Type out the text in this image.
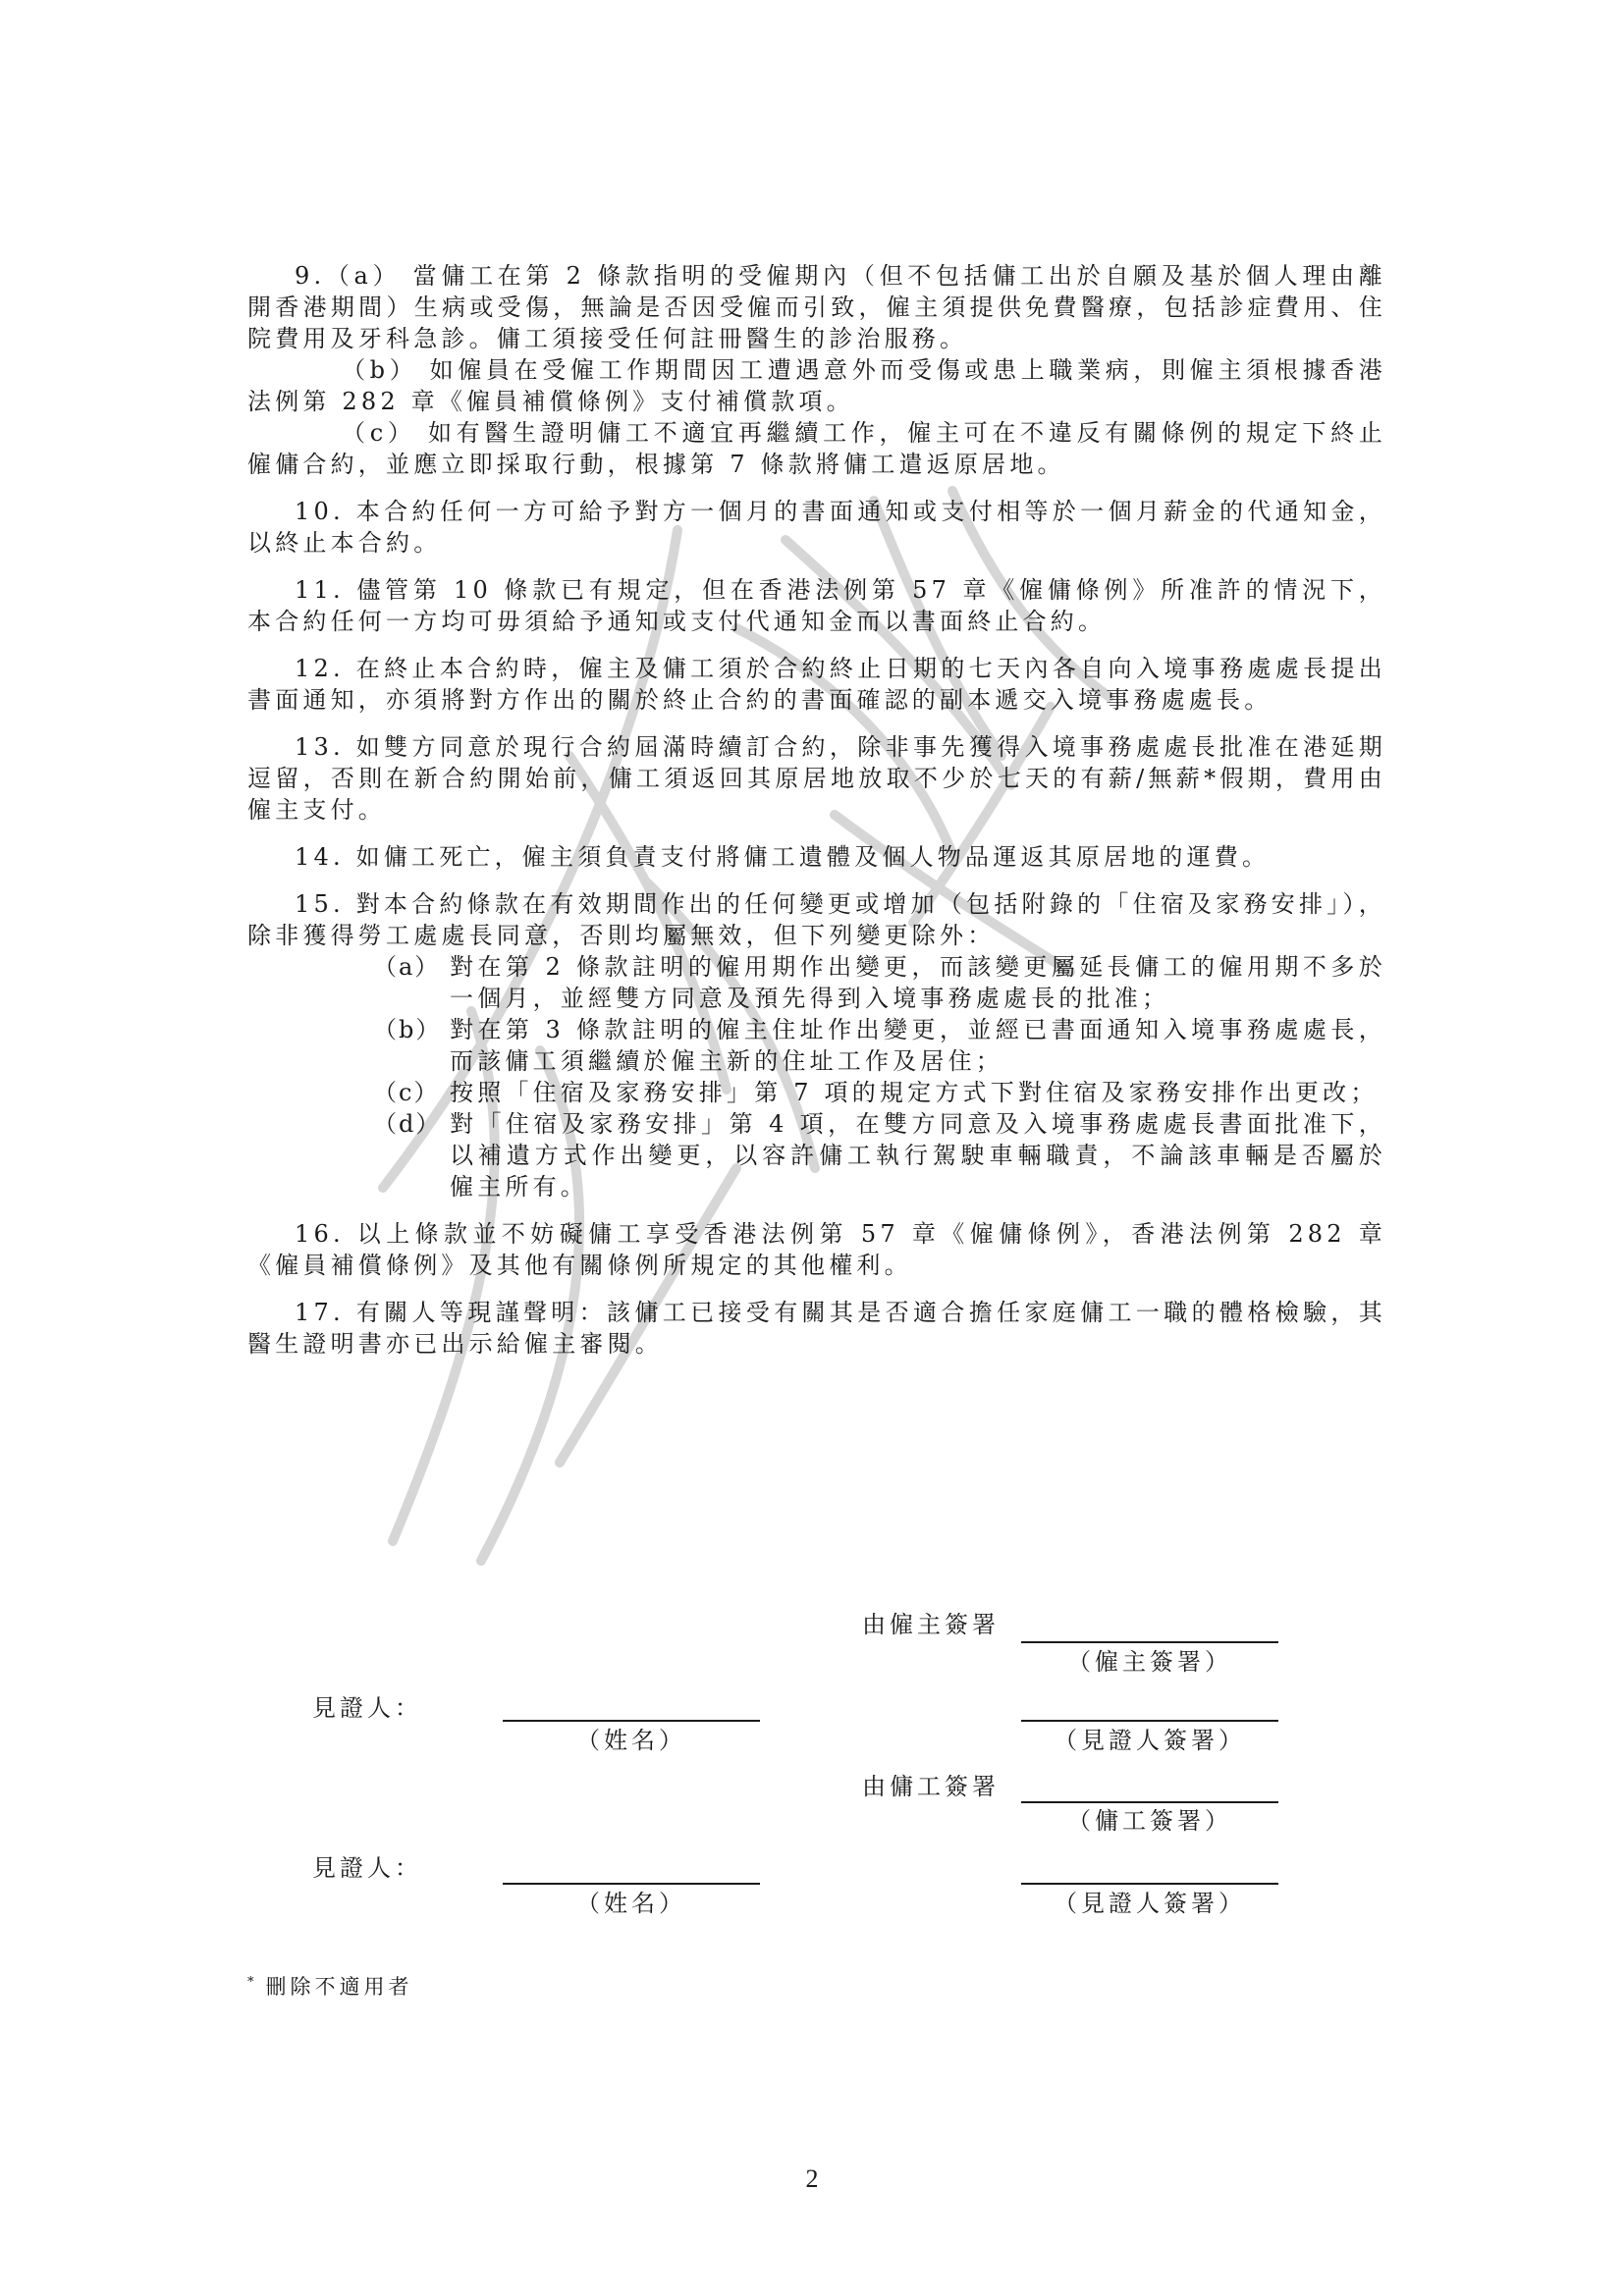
9.（a） 當傭工在第 2 條款指明的受僱期內（但不包括傭工出於自願及基於個人理由離開香港期間）生病或受傷，無論是否因受僱而引致，僱主須提供免費醫療，包括診症費用、住院費用及牙科急診。傭工須接受任何註冊醫生的診治服務。

（b） 如僱員在受僱工作期間因工遭遇意外而受傷或患上職業病，則僱主須根據香港法例第 282 章《僱員補償條例》支付補償款項。

（c） 如有醫生證明傭工不適宜再繼續工作，僱主可在不違反有關條例的規定下終止僱傭合約，並應立即採取行動，根據第 7 條款將傭工遣返原居地。

10. 本合約任何一方可給予對方一個月的書面通知或支付相等於一個月薪金的代通知金，以終止本合約。

11. 儘管第 10 條款已有規定，但在香港法例第 57 章《僱傭條例》所准許的情況下，本合約任何一方均可毋須給予通知或支付代通知金而以書面終止合約。

12. 在終止本合約時，僱主及傭工須於合約終止日期的七天內各自向入境事務處處長提出書面通知，亦須將對方作出的關於終止合約的書面確認的副本遞交入境事務處處長。

13. 如雙方同意於現行合約屆滿時續訂合約，除非事先獲得入境事務處處長批准在港延期逗留，否則在新合約開始前，傭工須返回其原居地放取不少於七天的有薪/無薪*假期，費用由僱主支付。

14. 如傭工死亡，僱主須負責支付將傭工遺體及個人物品運返其原居地的運費。

15. 對本合約條款在有效期間作出的任何變更或增加（包括附錄的「住宿及家務安排」），除非獲得勞工處處長同意，否則均屬無效，但下列變更除外：

（a） 對在第 2 條款註明的僱用期作出變更，而該變更屬延長傭工的僱用期不多於一個月，並經雙方同意及預先得到入境事務處處長的批准；
（b） 對在第 3 條款註明的僱主住址作出變更，並經已書面通知入境事務處處長，而該傭工須繼續於僱主新的住址工作及居住；
（c） 按照「住宿及家務安排」第 7 項的規定方式下對住宿及家務安排作出更改；
（d） 對「住宿及家務安排」第 4 項，在雙方同意及入境事務處處長書面批准下，以補遺方式作出變更，以容許傭工執行駕駛車輛職責，不論該車輛是否屬於僱主所有。

16. 以上條款並不妨礙傭工享受香港法例第 57 章《僱傭條例》，香港法例第 282 章《僱員補償條例》及其他有關條例所規定的其他權利。

17. 有關人等現謹聲明：該傭工已接受有關其是否適合擔任家庭傭工一職的體格檢驗，其醫生證明書亦已出示給僱主審閱。

由僱主簽署
（僱主簽署）
見證人：
（姓名）	（見證人簽署）
由傭工簽署
（傭工簽署）
見證人：
（姓名）	（見證人簽署）
* 刪除不適用者
2
